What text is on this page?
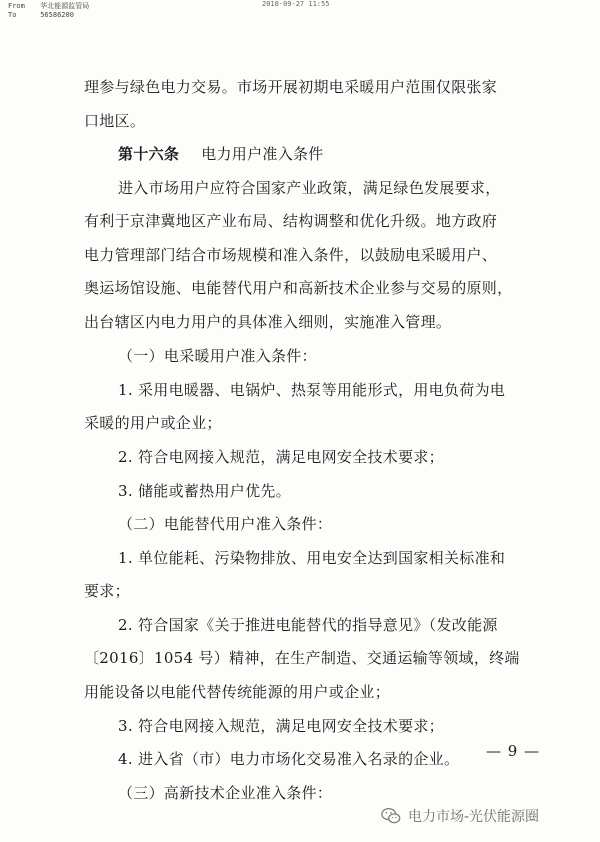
From 华北能源监管局
To	56586200
2018-09-27 11:55
理参与绿色电力交易。市场开展初期电采暖用户范围仅限张家
口地区。
第十六条 电力用户准入条件
进入市场用户应符合国家产业政策，满足绿色发展要求，
有利于京津冀地区产业布局、结构调整和优化升级。地方政府
电力管理部门结合市场规模和准入条件，以鼓励电采暖用户、
奥运场馆设施、电能替代用户和高新技术企业参与交易的原则，
出台辖区内电力用户的具体准入细则，实施准入管理。
（一）电采暖用户准入条件：
1. 采用电暖器、电锅炉、热泵等用能形式，用电负荷为电
采暖的用户或企业；
2. 符合电网接入规范，满足电网安全技术要求；
3. 储能或蓄热用户优先。
（二）电能替代用户准入条件：
1. 单位能耗、污染物排放、用电安全达到国家相关标准和
要求；
2. 符合国家《关于推进电能替代的指导意见》（发改能源
〔2016〕1054 号）精神，在生产制造、交通运输等领域，终端
用能设备以电能代替传统能源的用户或企业；
3. 符合电网接入规范，满足电网安全技术要求；
4. 进入省（市）电力市场化交易准入名录的企业。
（三）高新技术企业准入条件：
— 9 —
电力市场-光伏能源圈
